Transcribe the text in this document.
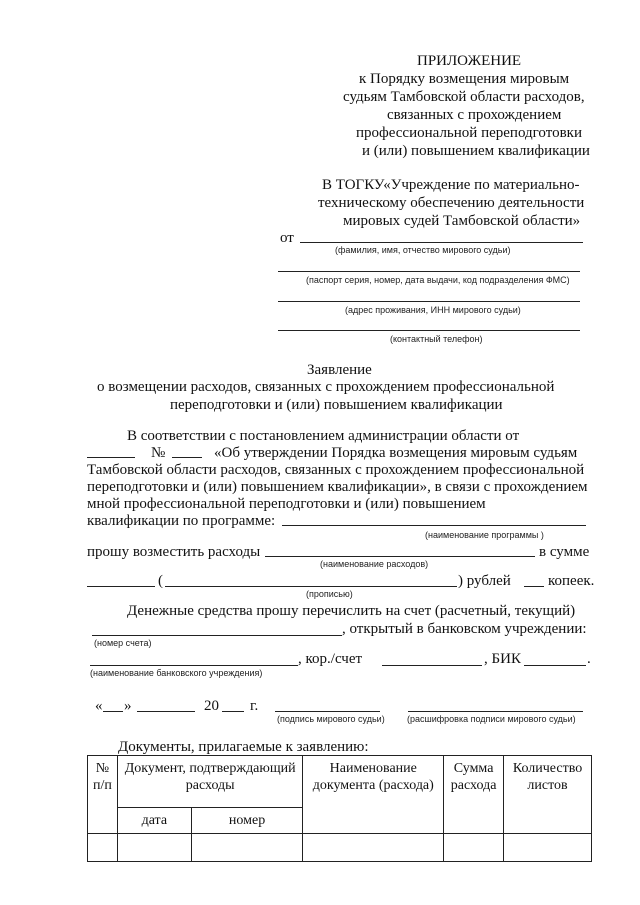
ПРИЛОЖЕНИЕ
к Порядку возмещения мировым
судьям Тамбовской области расходов,
связанных с прохождением
профессиональной переподготовки
и (или) повышением квалификации
В ТОГКУ«Учреждение по материально-
техническому обеспечению деятельности
мировых судей Тамбовской области»
от
(фамилия, имя, отчество мирового судьи)
(паспорт серия, номер, дата выдачи, код подразделения ФМС)
(адрес проживания, ИНН мирового судьи)
(контактный телефон)
Заявление
о возмещении расходов, связанных с прохождением профессиональной
переподготовки и (или) повышением квалификации
В соответствии с постановлением администрации области от
№	«Об утверждении Порядка возмещения мировым судьям
Тамбовской области расходов, связанных с прохождением профессиональной
переподготовки и (или) повышением квалификации», в связи с прохождением
мной профессиональной переподготовки и (или) повышением
квалификации по программе:
(наименование программы )
прошу возместить расходы	в сумме
(наименование расходов)
(	) рублей копеек.
(прописью)
Денежные средства прошу перечислить на счет (расчетный, текущий)
, открытый в банковском учреждении:
(номер счета)
, кор./счет	, БИК	.
(наименование банковского учреждения)
« »	20 г.
(подпись мирового судьи) (расшифровка подписи мирового судьи)
Документы, прилагаемые к заявлению:
№ п/п	Документ, подтверждающий расходы		Наименование документа (расхода)	Сумма расхода	Количество листов
	дата	номер			
